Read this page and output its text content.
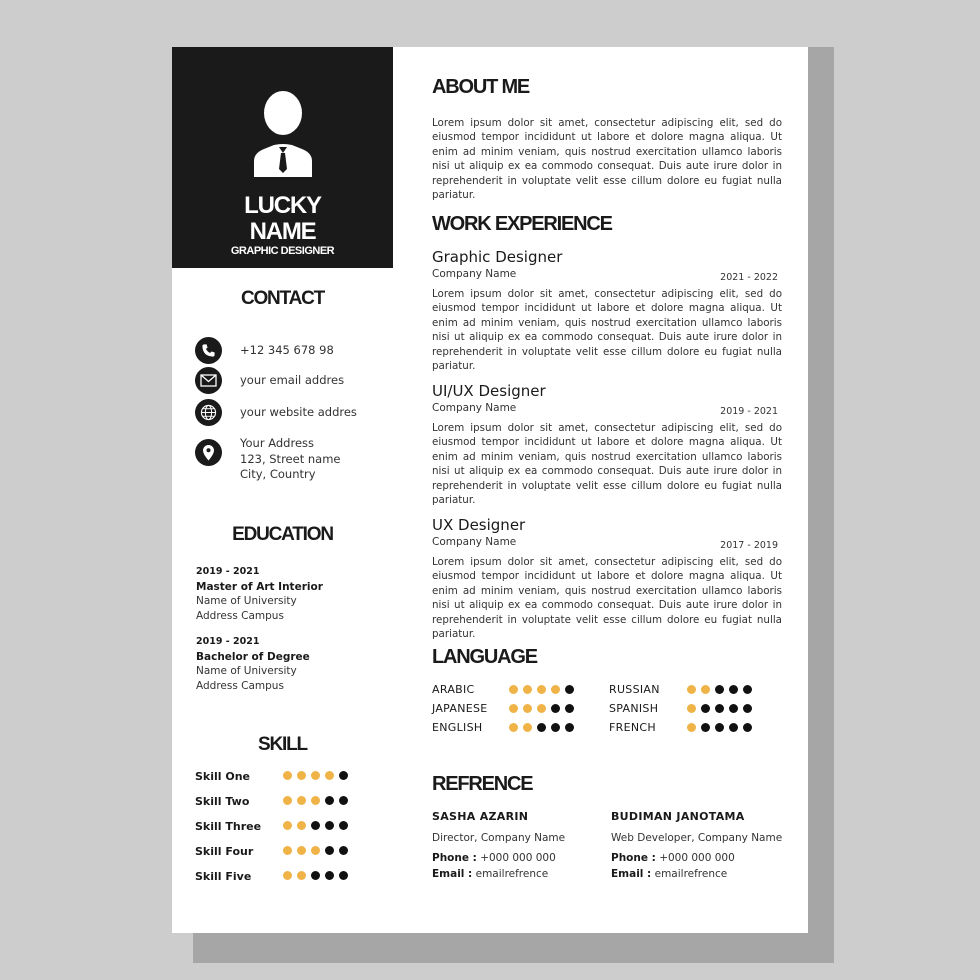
LUCKY
NAME
GRAPHIC DESIGNER
CONTACT
+12 345 678 98
your email addres
your website addres
Your Address
123, Street name
City, Country
EDUCATION
2019 - 2021
Master of Art Interior
Name of University
Address Campus
2019 - 2021
Bachelor of Degree
Name of University
Address Campus
SKILL
Skill One
Skill Two
Skill Three
Skill Four
Skill Five
ABOUT ME
Lorem ipsum dolor sit amet, consectetur adipiscing elit, sed do eiusmod tempor incididunt ut labore et dolore magna aliqua. Ut enim ad minim veniam, quis nostrud exercitation ullamco laboris nisi ut aliquip ex ea commodo consequat. Duis aute irure dolor in reprehenderit in voluptate velit esse cillum dolore eu fugiat nulla pariatur.
WORK EXPERIENCE
Graphic Designer
Company Name	2021 - 2022
Lorem ipsum dolor sit amet, consectetur adipiscing elit, sed do eiusmod tempor incididunt ut labore et dolore magna aliqua. Ut enim ad minim veniam, quis nostrud exercitation ullamco laboris nisi ut aliquip ex ea commodo consequat. Duis aute irure dolor in reprehenderit in voluptate velit esse cillum dolore eu fugiat nulla pariatur.
UI/UX Designer
Company Name	2019 - 2021
Lorem ipsum dolor sit amet, consectetur adipiscing elit, sed do eiusmod tempor incididunt ut labore et dolore magna aliqua. Ut enim ad minim veniam, quis nostrud exercitation ullamco laboris nisi ut aliquip ex ea commodo consequat. Duis aute irure dolor in reprehenderit in voluptate velit esse cillum dolore eu fugiat nulla pariatur.
UX Designer
Company Name	2017 - 2019
Lorem ipsum dolor sit amet, consectetur adipiscing elit, sed do eiusmod tempor incididunt ut labore et dolore magna aliqua. Ut enim ad minim veniam, quis nostrud exercitation ullamco laboris nisi ut aliquip ex ea commodo consequat. Duis aute irure dolor in reprehenderit in voluptate velit esse cillum dolore eu fugiat nulla pariatur.
LANGUAGE
ARABIC
JAPANESE
ENGLISH
RUSSIAN
SPANISH
FRENCH
REFRENCE
SASHA AZARIN
Director, Company Name
Phone : +000 000 000
Email : emailrefrence
BUDIMAN JANOTAMA
Web Developer, Company Name
Phone : +000 000 000
Email : emailrefrence
